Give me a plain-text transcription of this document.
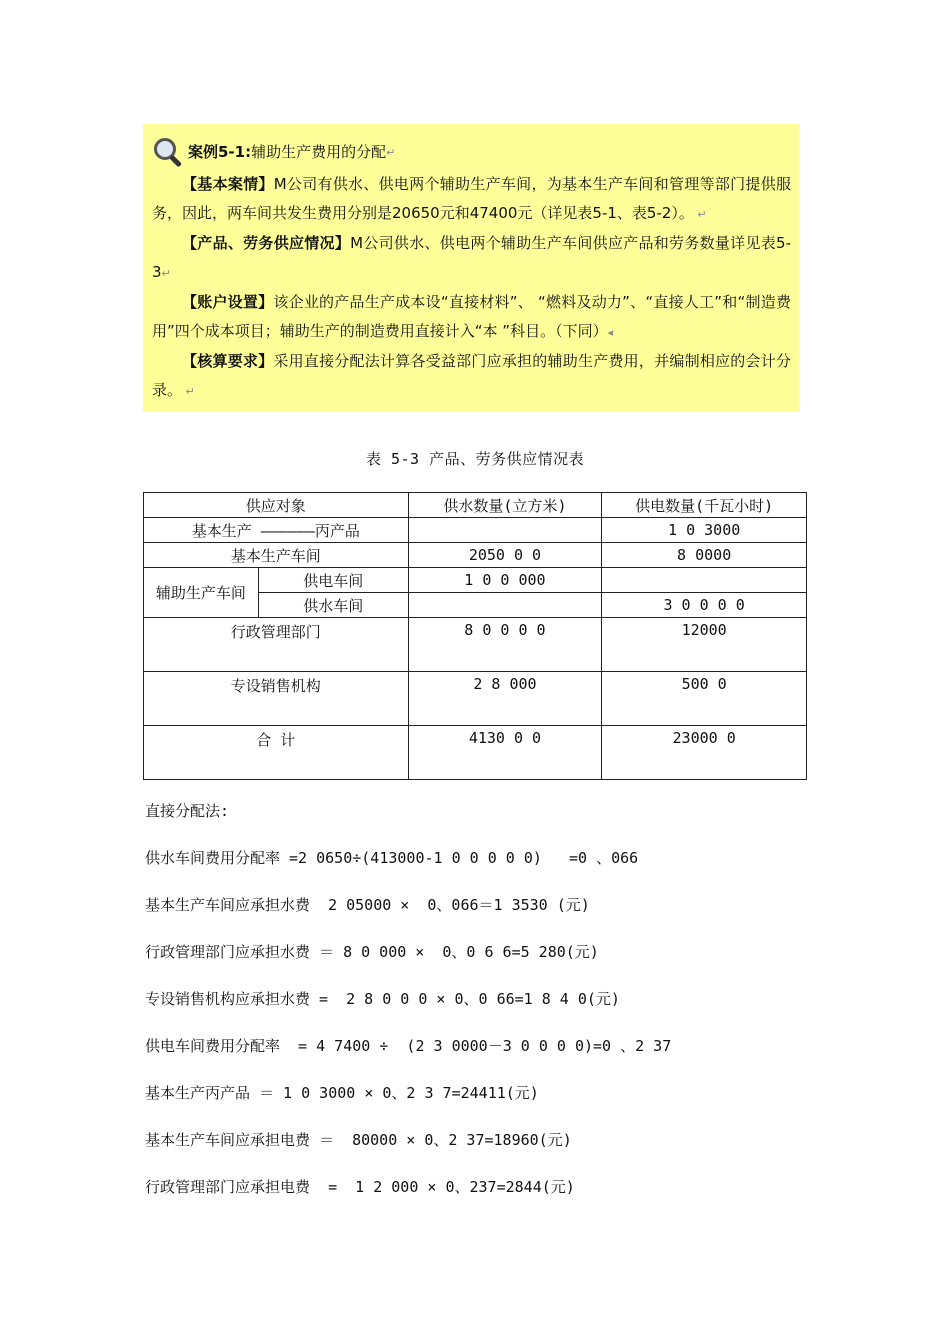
案例5-1: 辅助生产费用的分配 ↵

【基本案情】M公司有供水、供电两个辅助生产车间，为基本生产车间和管理等部门提供服务，因此，两车间共发生费用分别是20650元和47400元（详见表5-1、表5-2）。 ↵

【产品、劳务供应情况】M公司供水、供电两个辅助生产车间供应产品和劳务数量详见表5-3↵

【账户设置】该企业的产品生产成本设“直接材料”、 “燃料及动力”、“直接人工”和“制造费用”四个成本项目；辅助生产的制造费用直接计入“本 ”科目。（下同）◂

【核算要求】采用直接分配法计算各受益部门应承担的辅助生产费用，并编制相应的会计分录。 ↵

表 5-3 产品、劳务供应情况表
供应对象		供水数量(立方米)	供电数量(千瓦小时)
基本生产 ——————丙产品			1 0 3000
基本生产车间		2050 0 0	8 0000
辅助生产车间	供电车间	1 0 0 000	
	供水车间		3 0 0 0 0
行政管理部门		8 0 0 0 0	12000
专设销售机构		2 8 000	500 0
合 计		4130 0 0	23000 0
直接分配法:
供水车间费用分配率 =2 0650÷(413000-1 0 0 0 0 0)   =0 、066
基本生产车间应承担水费  2 05000 ×  0、066＝1 3530 (元)
行政管理部门应承担水费 ＝ 8 0 000 ×  0、0 6 6=5 280(元)
专设销售机构应承担水费 =  2 8 0 0 0 × 0、0 66=1 8 4 0(元)
供电车间费用分配率  = 4 7400 ÷  (2 3 0000－3 0 0 0 0)=0 、2 37
基本生产丙产品 ＝ 1 0 3000 × 0、2 3 7=24411(元)
基本生产车间应承担电费 ＝  80000 × 0、2 37=18960(元)
行政管理部门应承担电费  =  1 2 000 × 0、237=2844(元)
